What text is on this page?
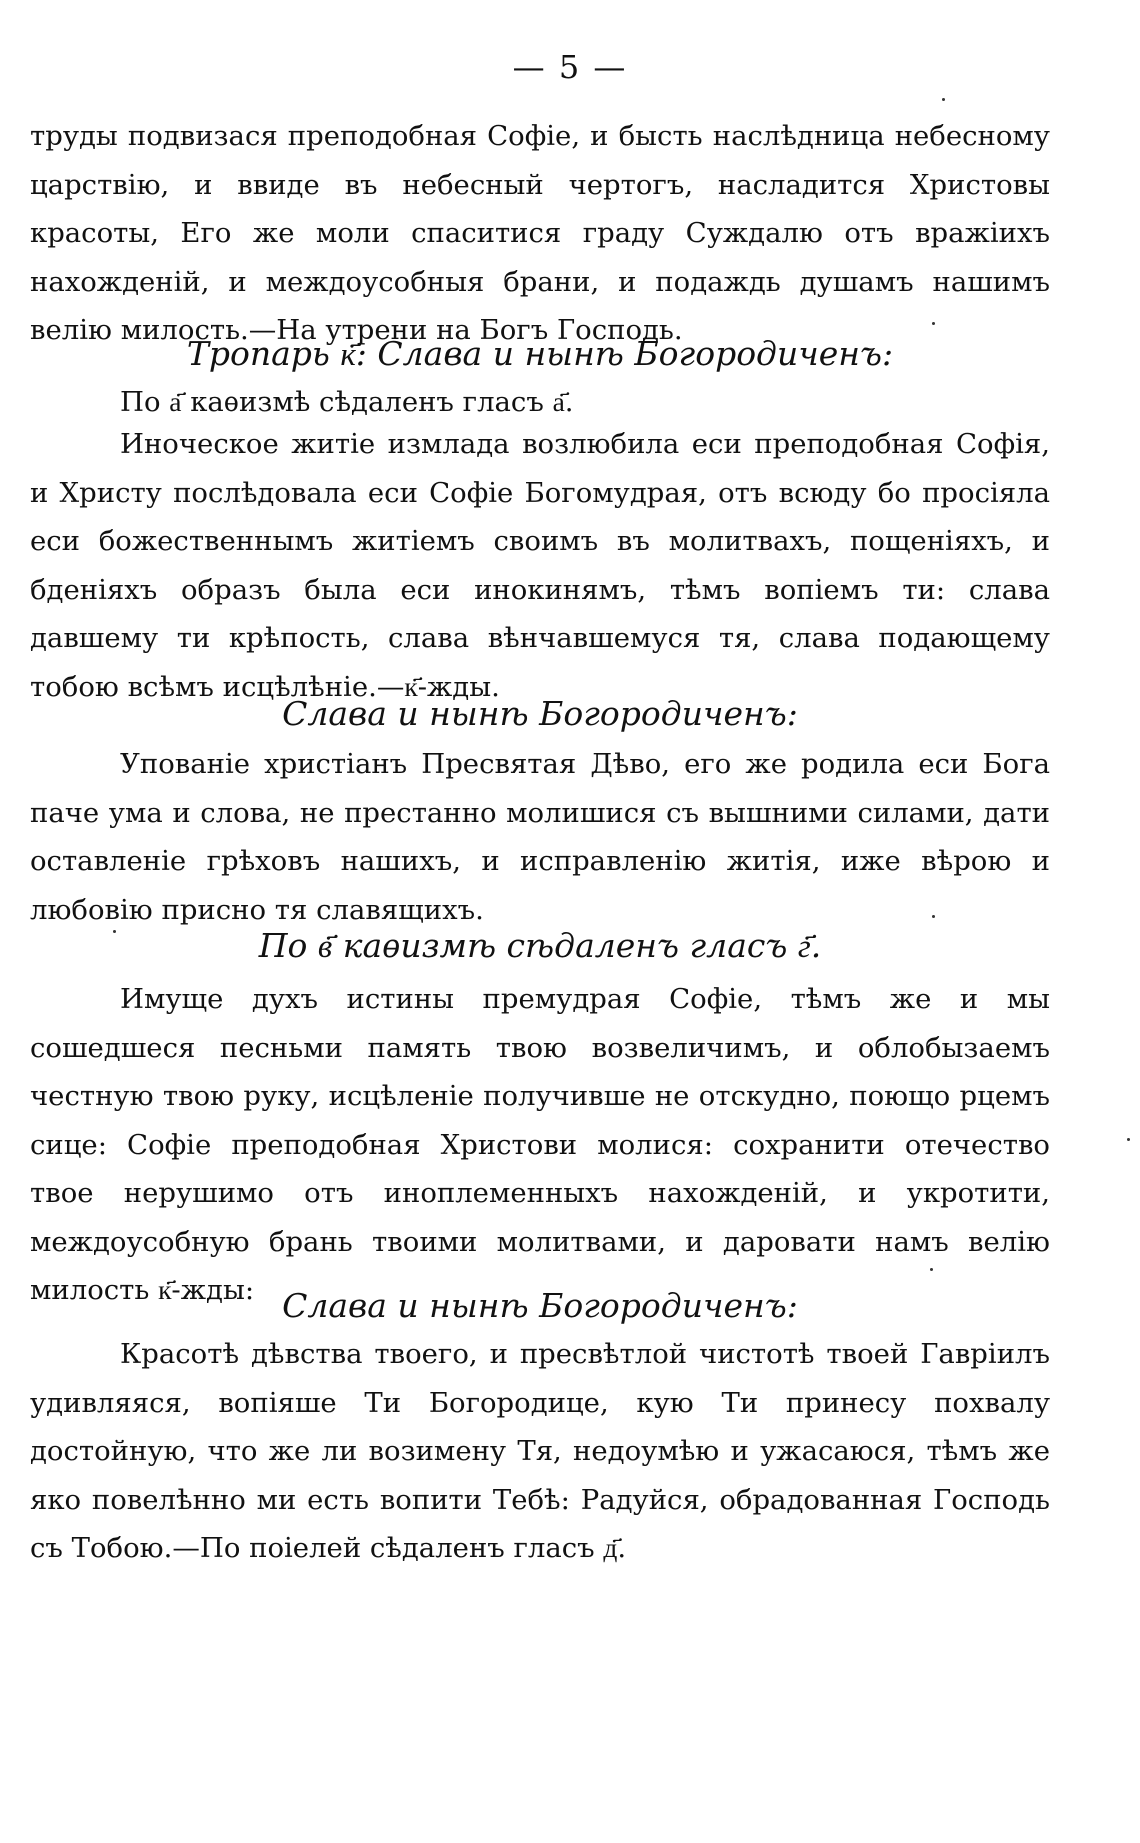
— 5 —

труды подвизася преподобная Софіе, и бысть наслѣдница небесному царствію, и ввиде въ небесный чертогъ, насладится Христовы красоты, Его же моли спаситися граду Суждалю отъ вражіихъ нахожденій, и междоусобныя брани, и подаждь душамъ нашимъ велію милость.—На утрени на Богъ Господь.

Тропарь к҃: Слава и нынѣ Богородиченъ:
По а҃ каѳизмѣ сѣдаленъ гласъ а҃.

Иноческое житіе измлада возлюбила еси преподобная Софія, и Христу послѣдовала еси Софіе Богомудрая, отъ всюду бо просіяла еси божественнымъ житіемъ своимъ въ молитвахъ, пощеніяхъ, и бденіяхъ образъ была еси инокинямъ, тѣмъ вопіемъ ти: слава давшему ти крѣпость, слава вѣнчавшемуся тя, слава подающему тобою всѣмъ исцѣлѣніе.—к҃-жды.

Слава и нынѣ Богородиченъ:

Упованіе христіанъ Пресвятая Дѣво, его же родила еси Бога паче ума и слова, не престанно молишися съ вышними силами, дати оставленіе грѣховъ нашихъ, и исправленію житія, иже вѣрою и любовію присно тя славящихъ.

По в҃ каѳизмѣ сѣдаленъ гласъ г҃.

Имуще духъ истины премудрая Софіе, тѣмъ же и мы сошедшеся песньми память твою возвеличимъ, и облобызаемъ честную твою руку, исцѣленіе получившe не отскудно, поющо рцемъ сице: Софіе преподобная Христови молися: сохранити отечество твое нерушимо отъ иноплеменныхъ нахожденій, и укротити, междоусобную брань твоими молитвами, и даровати намъ велію милость к҃-жды: Слава и нынѣ Богородиченъ:

Красотѣ дѣвства твоего, и пресвѣтлой чистотѣ твоей Гавріилъ удивляяся, вопіяше Ти Богородице, кую Ти принесу похвалу достойную, что же ли возимену Тя, недоумѣю и ужасаюся, тѣмъ же яко повелѣнно ми есть вопити Тебѣ: Радуйся, обрадованная Господь съ Тобою.—По поіелей сѣдаленъ гласъ д҃.
